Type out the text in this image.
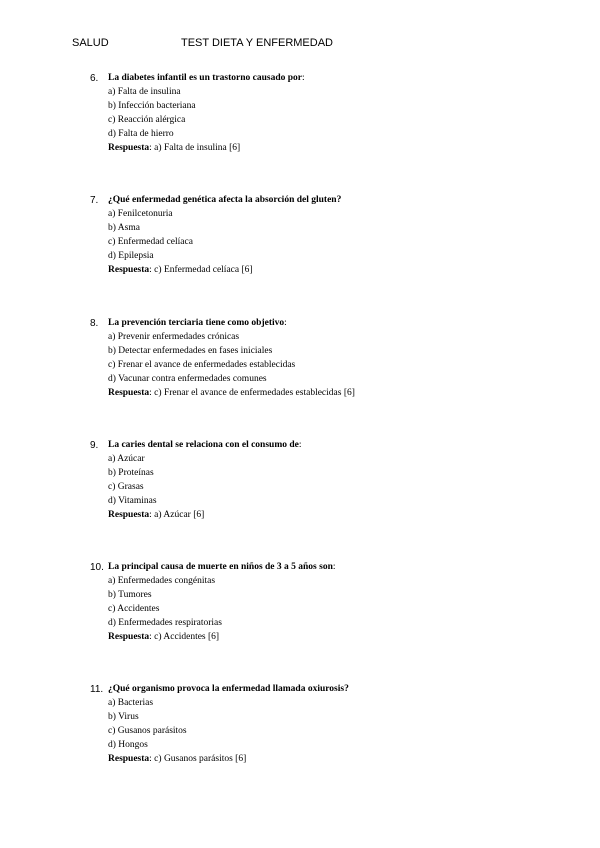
SALUD	TEST DIETA Y ENFERMEDAD
6. La diabetes infantil es un trastorno causado por:
a) Falta de insulina
b) Infección bacteriana
c) Reacción alérgica
d) Falta de hierro
Respuesta: a) Falta de insulina [6]
7. ¿Qué enfermedad genética afecta la absorción del gluten?
a) Fenilcetonuria
b) Asma
c) Enfermedad celíaca
d) Epilepsia
Respuesta: c) Enfermedad celíaca [6]
8. La prevención terciaria tiene como objetivo:
a) Prevenir enfermedades crónicas
b) Detectar enfermedades en fases iniciales
c) Frenar el avance de enfermedades establecidas
d) Vacunar contra enfermedades comunes
Respuesta: c) Frenar el avance de enfermedades establecidas [6]
9. La caries dental se relaciona con el consumo de:
a) Azúcar
b) Proteínas
c) Grasas
d) Vitaminas
Respuesta: a) Azúcar [6]
10. La principal causa de muerte en niños de 3 a 5 años son:
a) Enfermedades congénitas
b) Tumores
c) Accidentes
d) Enfermedades respiratorias
Respuesta: c) Accidentes [6]
11. ¿Qué organismo provoca la enfermedad llamada oxiurosis?
a) Bacterias
b) Virus
c) Gusanos parásitos
d) Hongos
Respuesta: c) Gusanos parásitos [6]
